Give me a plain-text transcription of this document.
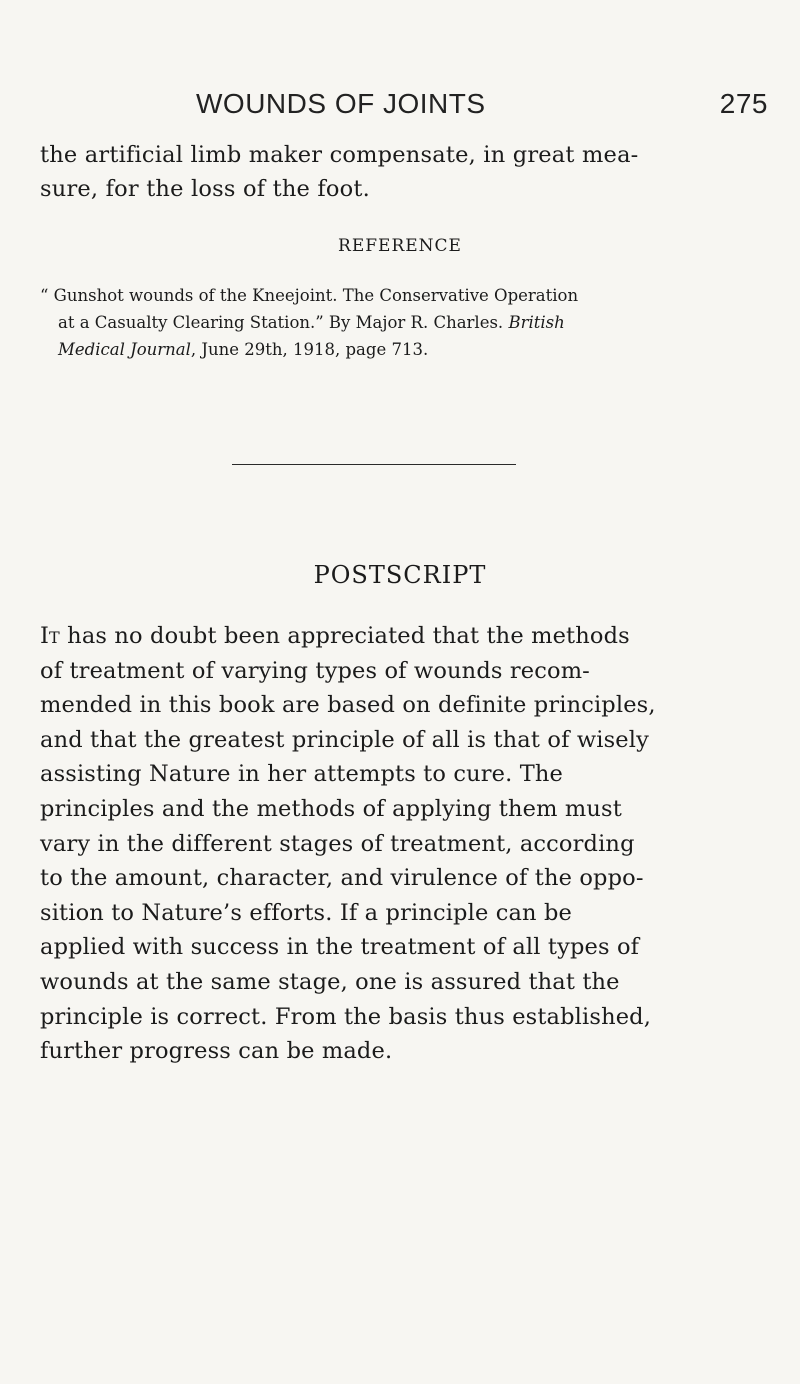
WOUNDS OF JOINTS	275
the artificial limb maker compensate, in great mea-
sure, for the loss of the foot.
REFERENCE
“ Gunshot wounds of the Kneejoint. The Conservative Operation
at a Casualty Clearing Station.” By Major R. Charles. British
Medical Journal, June 29th, 1918, page 713.
POSTSCRIPT
It has no doubt been appreciated that the methods
of treatment of varying types of wounds recom-
mended in this book are based on definite principles,
and that the greatest principle of all is that of wisely
assisting Nature in her attempts to cure. The
principles and the methods of applying them must
vary in the different stages of treatment, according
to the amount, character, and virulence of the oppo-
sition to Nature’s efforts. If a principle can be
applied with success in the treatment of all types of
wounds at the same stage, one is assured that the
principle is correct. From the basis thus established,
further progress can be made.
